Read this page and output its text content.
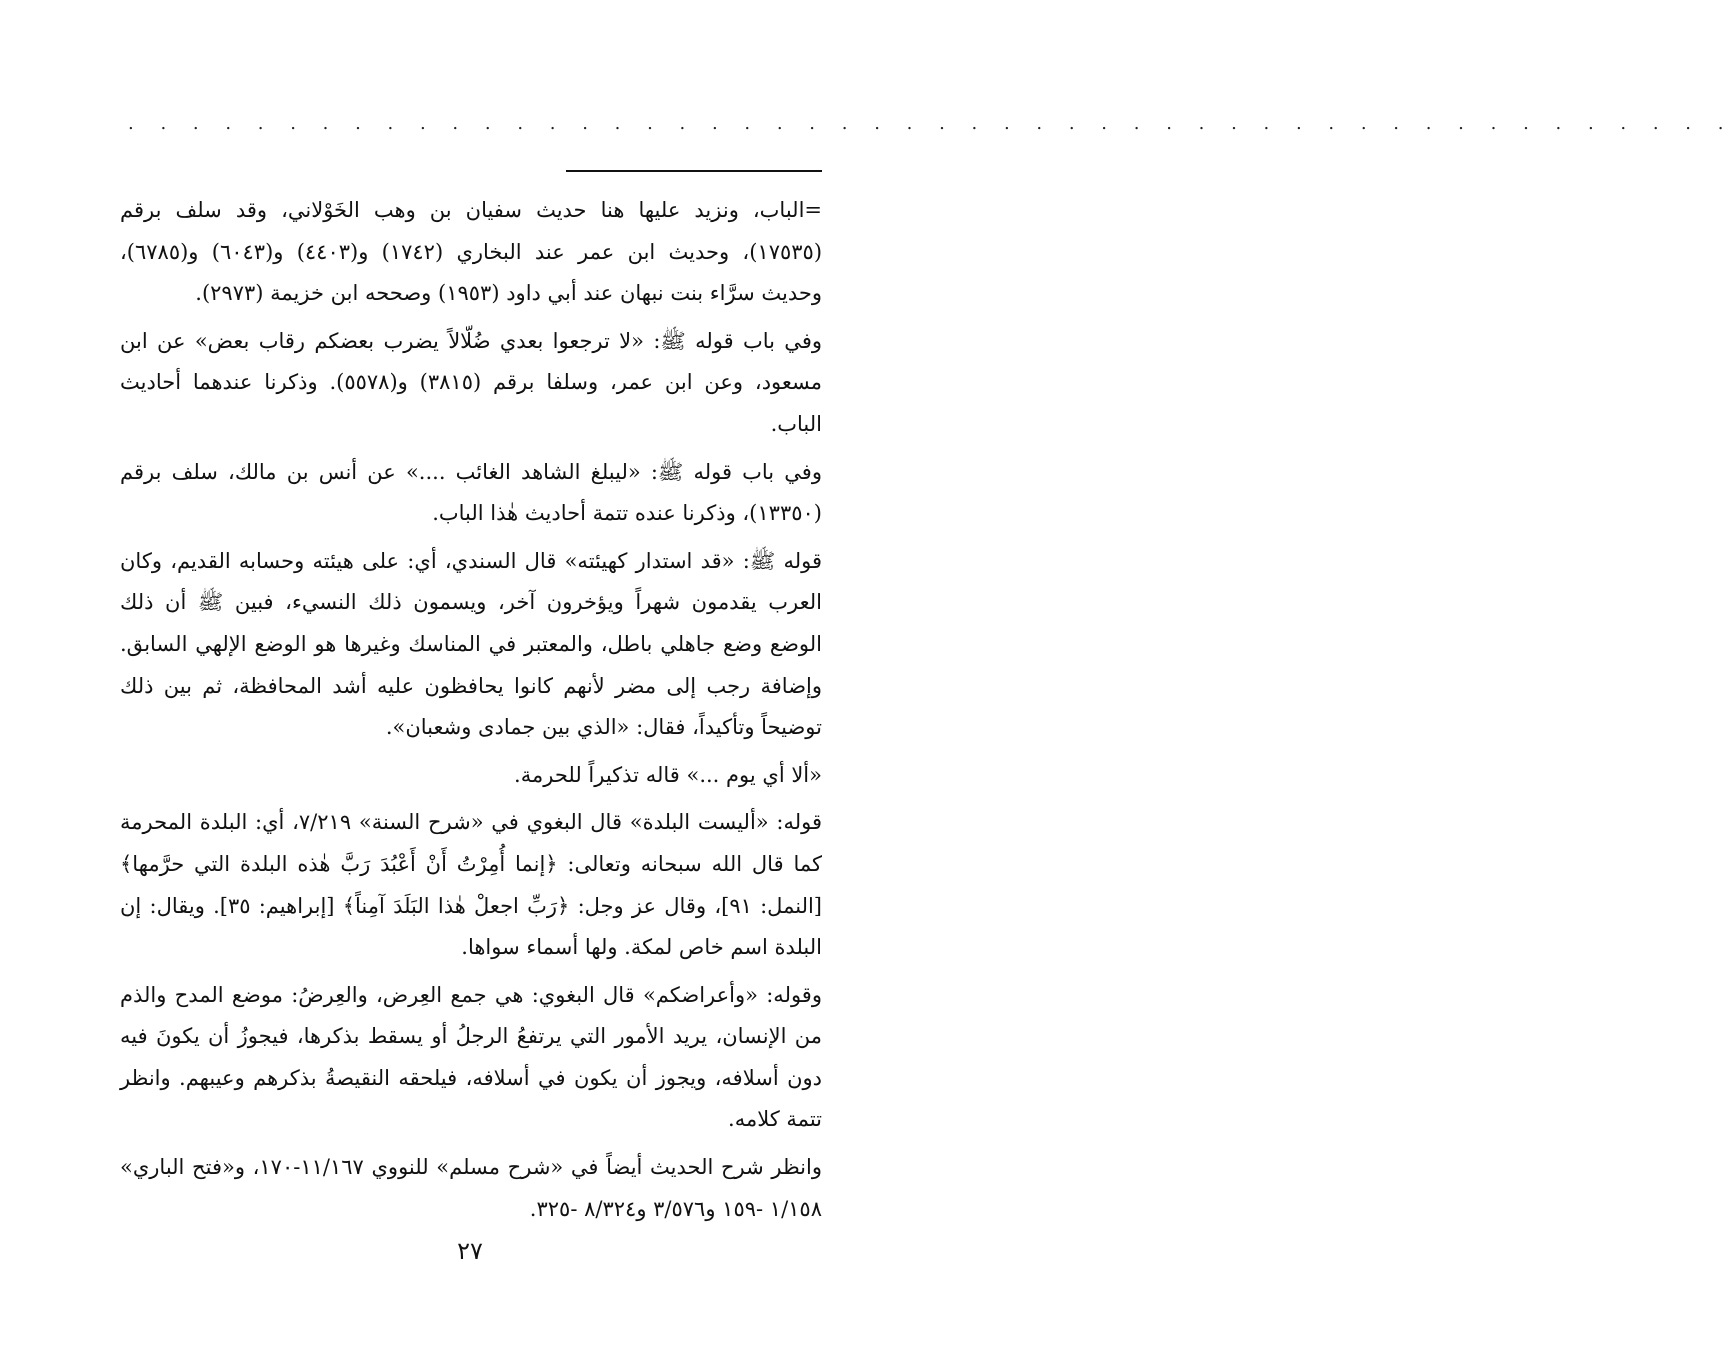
. . . . . . . . . . . . . . . . . . . . . . . . . . . . . . . . . . . . . . . . . . . . . . . . . .

=الباب، ونزيد عليها هنا حديث سفيان بن وهب الخَوْلاني، وقد سلف برقم (١٧٥٣٥)، وحديث ابن عمر عند البخاري (١٧٤٢) و(٤٤٠٣) و(٦٠٤٣) و(٦٧٨٥)، وحديث سرَّاء بنت نبهان عند أبي داود (١٩٥٣) وصححه ابن خزيمة (٢٩٧٣).

وفي باب قوله ﷺ: «لا ترجعوا بعدي ضُلّالاً يضرب بعضكم رقاب بعض» عن ابن مسعود، وعن ابن عمر، وسلفا برقم (٣٨١٥) و(٥٥٧٨). وذكرنا عندهما أحاديث الباب.

وفي باب قوله ﷺ: «ليبلغ الشاهد الغائب ....» عن أنس بن مالك، سلف برقم (١٣٣٥٠)، وذكرنا عنده تتمة أحاديث هٰذا الباب.

قوله ﷺ: «قد استدار كهيئته» قال السندي، أي: على هيئته وحسابه القديم، وكان العرب يقدمون شهراً ويؤخرون آخر، ويسمون ذلك النسيء، فبين ﷺ أن ذلك الوضع وضع جاهلي باطل، والمعتبر في المناسك وغيرها هو الوضع الإلهي السابق. وإضافة رجب إلى مضر لأنهم كانوا يحافظون عليه أشد المحافظة، ثم بين ذلك توضيحاً وتأكيداً، فقال: «الذي بين جمادى وشعبان».

«ألا أي يوم ...» قاله تذكيراً للحرمة.

قوله: «أليست البلدة» قال البغوي في «شرح السنة» ٧/٢١٩، أي: البلدة المحرمة كما قال الله سبحانه وتعالى: ﴿إنما أُمِرْتُ أَنْ أَعْبُدَ رَبَّ هٰذه البلدة التي حرَّمها﴾ [النمل: ٩١]، وقال عز وجل: ﴿رَبِّ اجعلْ هٰذا البَلَدَ آمِناً﴾ [إبراهيم: ٣٥]. ويقال: إن البلدة اسم خاص لمكة. ولها أسماء سواها.

وقوله: «وأعراضكم» قال البغوي: هي جمع العِرض، والعِرضُ: موضع المدح والذم من الإنسان، يريد الأمور التي يرتفعُ الرجلُ أو يسقط بذكرها، فيجوزُ أن يكونَ فيه دون أسلافه، ويجوز أن يكون في أسلافه، فيلحقه النقيصةُ بذكرهم وعيبهم. وانظر تتمة كلامه.

وانظر شرح الحديث أيضاً في «شرح مسلم» للنووي ١١/١٦٧-١٧٠، و«فتح الباري» ١/١٥٨ -١٥٩ و٣/٥٧٦ و٨/٣٢٤ -٣٢٥.

٢٧
